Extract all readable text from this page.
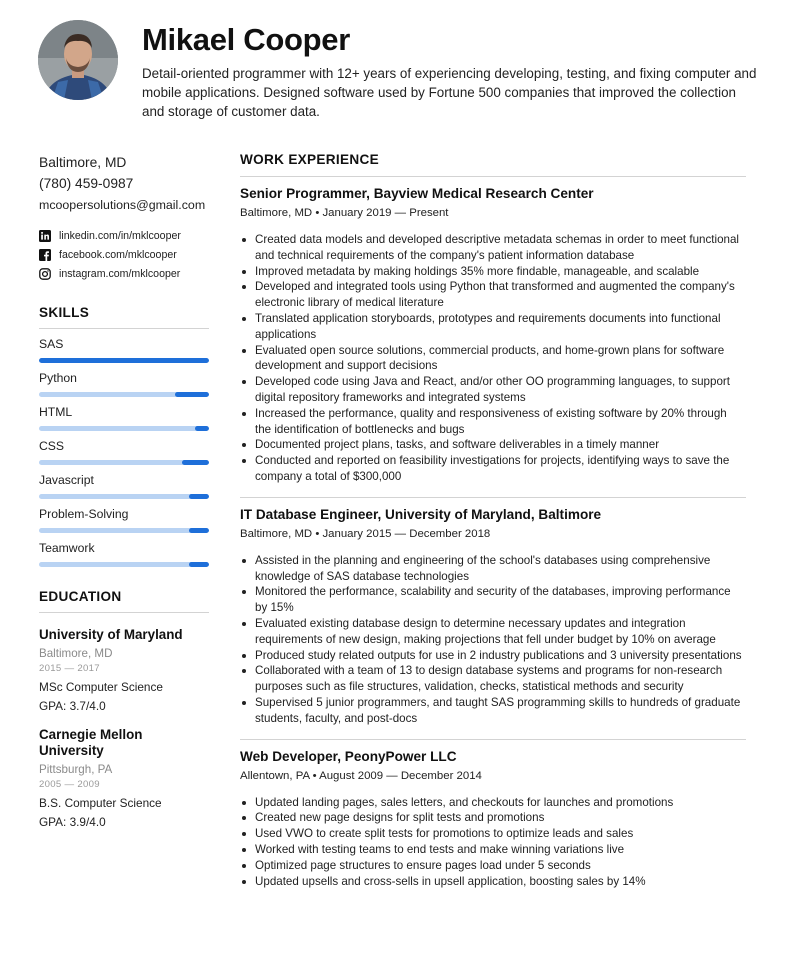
Mikael Cooper
Detail-oriented programmer with 12+ years of experiencing developing, testing, and fixing computer and mobile applications. Designed software used by Fortune 500 companies that improved the collection and storage of customer data.
Baltimore, MD
(780) 459-0987
mcoopersolutions@gmail.com
linkedin.com/in/mklcooper
facebook.com/mklcooper
instagram.com/mklcooper
SKILLS
SAS
Python
HTML
CSS
Javascript
Problem-Solving
Teamwork
EDUCATION
University of Maryland
Baltimore, MD
2015 — 2017
MSc Computer Science
GPA: 3.7/4.0
Carnegie Mellon University
Pittsburgh, PA
2005 — 2009
B.S. Computer Science
GPA: 3.9/4.0
WORK EXPERIENCE
Senior Programmer, Bayview Medical Research Center
Baltimore, MD • January 2019 — Present
Created data models and developed descriptive metadata schemas in order to meet functional and technical requirements of the company's patient information database
Improved metadata by making holdings 35% more findable, manageable, and scalable
Developed and integrated tools using Python that transformed and augmented the company's electronic library of medical literature
Translated application storyboards, prototypes and requirements documents into functional applications
Evaluated open source solutions, commercial products, and home-grown plans for software development and support decisions
Developed code using Java and React, and/or other OO programming languages, to support digital repository frameworks and integrated systems
Increased the performance, quality and responsiveness of existing software by 20% through the identification of bottlenecks and bugs
Documented project plans, tasks, and software deliverables in a timely manner
Conducted and reported on feasibility investigations for projects, identifying ways to save the company a total of $300,000
IT Database Engineer, University of Maryland, Baltimore
Baltimore, MD • January 2015 — December 2018
Assisted in the planning and engineering of the school's databases using comprehensive knowledge of SAS database technologies
Monitored the performance, scalability and security of the databases, improving performance by 15%
Evaluated existing database design to determine necessary updates and integration requirements of new design, making projections that fell under budget by 10% on average
Produced study related outputs for use in 2 industry publications and 3 university presentations
Collaborated with a team of 13 to design database systems and programs for non-research purposes such as file structures, validation, checks, statistical methods and security
Supervised 5 junior programmers, and taught SAS programming skills to hundreds of graduate students, faculty, and post-docs
Web Developer, PeonyPower LLC
Allentown, PA • August 2009 — December 2014
Updated landing pages, sales letters, and checkouts for launches and promotions
Created new page designs for split tests and promotions
Used VWO to create split tests for promotions to optimize leads and sales
Worked with testing teams to end tests and make winning variations live
Optimized page structures to ensure pages load under 5 seconds
Updated upsells and cross-sells in upsell application, boosting sales by 14%
